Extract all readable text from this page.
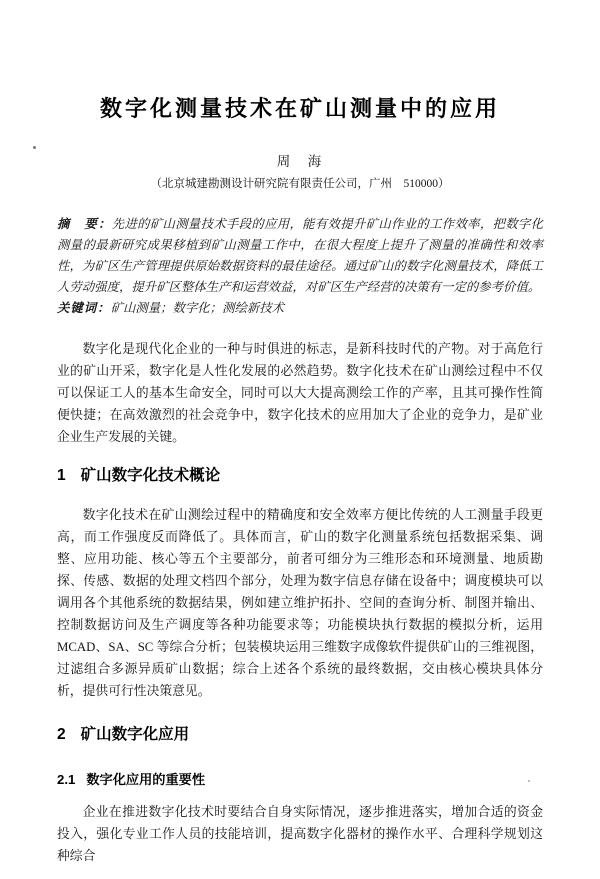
数字化测量技术在矿山测量中的应用
周　海
（北京城建勘测设计研究院有限责任公司，广州　510000）

摘　要：先进的矿山测量技术手段的应用，能有效提升矿山作业的工作效率，把数字化测量的最新研究成果移植到矿山测量工作中，在很大程度上提升了测量的准确性和效率性，为矿区生产管理提供原始数据资料的最佳途径。通过矿山的数字化测量技术，降低工人劳动强度，提升矿区整体生产和运营效益，对矿区生产经营的决策有一定的参考价值。

关键词：矿山测量；数字化；测绘新技术

数字化是现代化企业的一种与时俱进的标志，是新科技时代的产物。对于高危行业的矿山开采，数字化是人性化发展的必然趋势。数字化技术在矿山测绘过程中不仅可以保证工人的基本生命安全，同时可以大大提高测绘工作的产率，且其可操作性简便快捷；在高效激烈的社会竞争中，数字化技术的应用加大了企业的竞争力，是矿业企业生产发展的关键。

1 矿山数字化技术概论

数字化技术在矿山测绘过程中的精确度和安全效率方便比传统的人工测量手段更高，而工作强度反而降低了。具体而言，矿山的数字化测量系统包括数据采集、调整、应用功能、核心等五个主要部分，前者可细分为三维形态和环境测量、地质勘探、传感、数据的处理文档四个部分，处理为数字信息存储在设备中；调度模块可以调用各个其他系统的数据结果，例如建立维护拓扑、空间的查询分析、制图并输出、控制数据访问及生产调度等各种功能要求等；功能模块执行数据的模拟分析，运用 MCAD、SA、SC 等综合分析；包装模块运用三维数字成像软件提供矿山的三维视图，过滤组合多源异质矿山数据；综合上述各个系统的最终数据，交由核心模块具体分析，提供可行性决策意见。

2 矿山数字化应用
2.1 数字化应用的重要性

企业在推进数字化技术时要结合自身实际情况，逐步推进落实，增加合适的资金投入，强化专业工作人员的技能培训，提高数字化器材的操作水平、合理科学规划这种综合
